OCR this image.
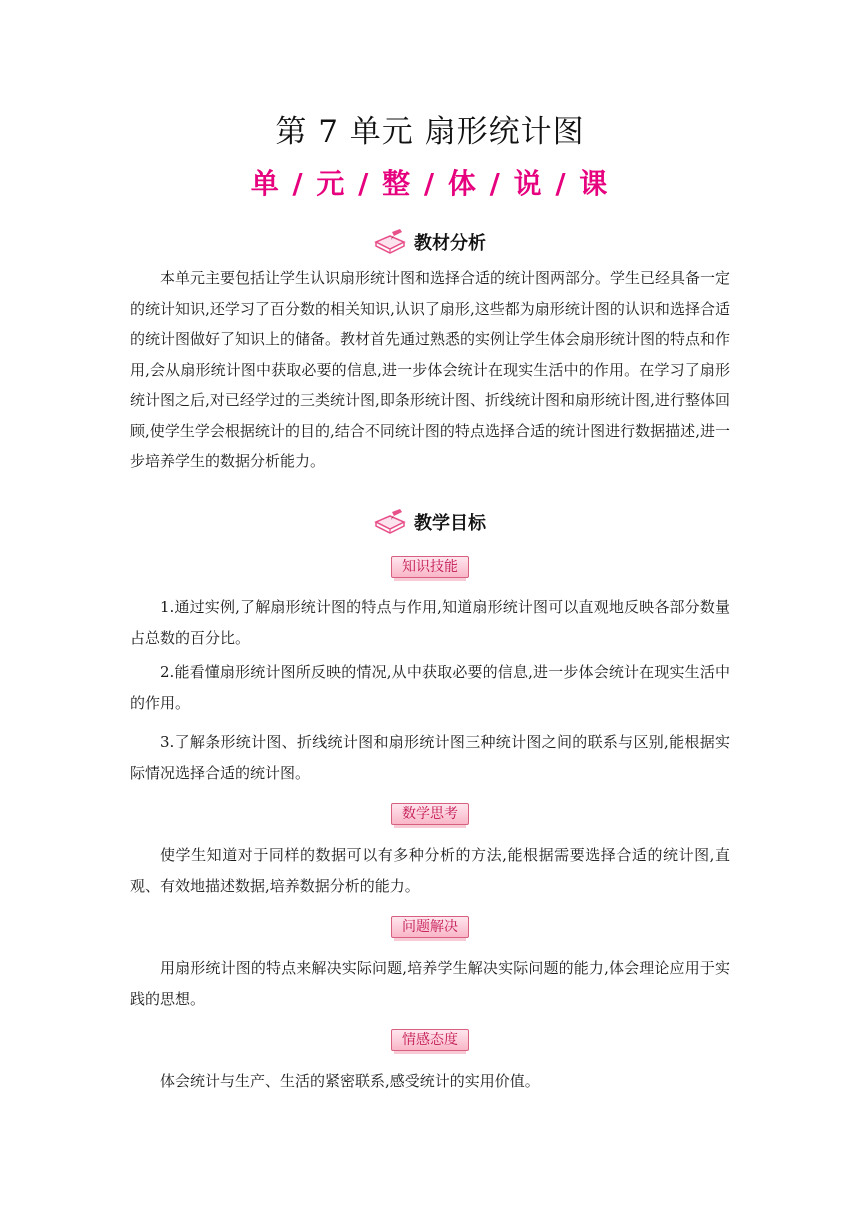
第 7 单元 扇形统计图
单 / 元 / 整 / 体 / 说 / 课
教材分析

本单元主要包括让学生认识扇形统计图和选择合适的统计图两部分。学生已经具备一定的统计知识,还学习了百分数的相关知识,认识了扇形,这些都为扇形统计图的认识和选择合适的统计图做好了知识上的储备。教材首先通过熟悉的实例让学生体会扇形统计图的特点和作用,会从扇形统计图中获取必要的信息,进一步体会统计在现实生活中的作用。在学习了扇形统计图之后,对已经学过的三类统计图,即条形统计图、折线统计图和扇形统计图,进行整体回顾,使学生学会根据统计的目的,结合不同统计图的特点选择合适的统计图进行数据描述,进一步培养学生的数据分析能力。

教学目标
知识技能

1.通过实例,了解扇形统计图的特点与作用,知道扇形统计图可以直观地反映各部分数量占总数的百分比。

2.能看懂扇形统计图所反映的情况,从中获取必要的信息,进一步体会统计在现实生活中的作用。

3.了解条形统计图、折线统计图和扇形统计图三种统计图之间的联系与区别,能根据实际情况选择合适的统计图。

数学思考

使学生知道对于同样的数据可以有多种分析的方法,能根据需要选择合适的统计图,直观、有效地描述数据,培养数据分析的能力。

问题解决

用扇形统计图的特点来解决实际问题,培养学生解决实际问题的能力,体会理论应用于实践的思想。

情感态度

体会统计与生产、生活的紧密联系,感受统计的实用价值。
